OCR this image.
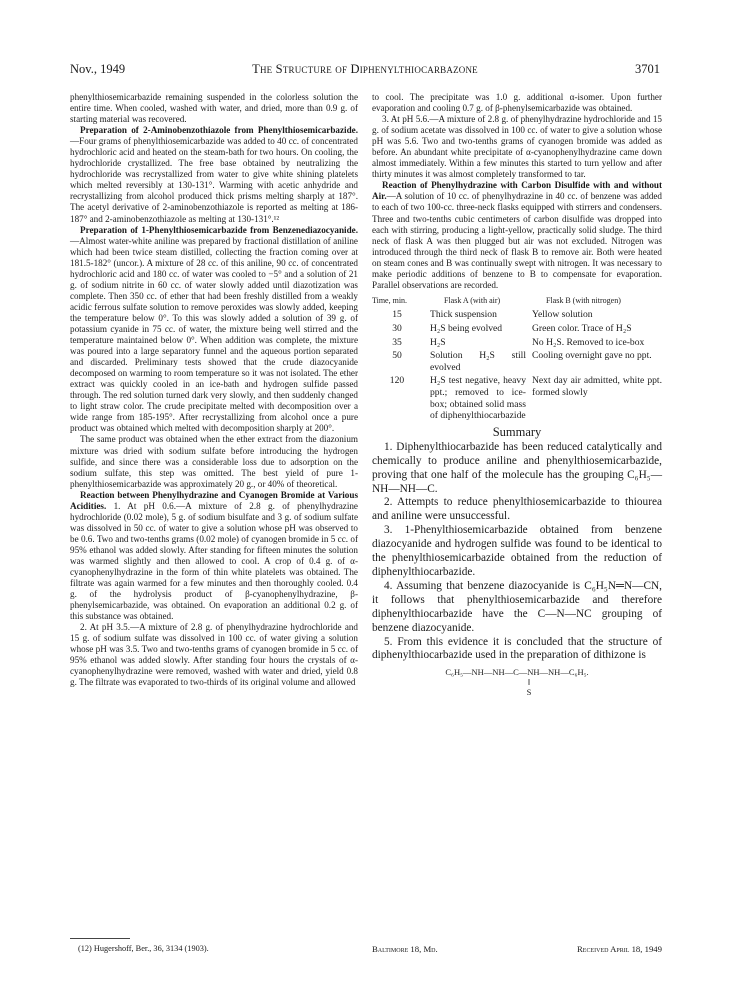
Nov., 1949	The Structure of Diphenylthiocarbazone	3701

phenylthiosemicarbazide remaining suspended in the colorless solution the entire time. When cooled, washed with water, and dried, more than 0.9 g. of starting material was recovered.

Preparation of 2-Aminobenzothiazole from Phenylthiosemicarbazide.—Four grams of phenylthiosemicarbazide was added to 40 cc. of concentrated hydrochloric acid and heated on the steam-bath for two hours. On cooling, the hydrochloride crystallized. The free base obtained by neutralizing the hydrochloride was recrystallized from water to give white shining platelets which melted reversibly at 130-131°. Warming with acetic anhydride and recrystallizing from alcohol produced thick prisms melting sharply at 187°. The acetyl derivative of 2-aminobenzothiazole is reported as melting at 186-187° and 2-aminobenzothiazole as melting at 130-131°.¹²

Preparation of 1-Phenylthiosemicarbazide from Benzenediazocyanide.—Almost water-white aniline was prepared by fractional distillation of aniline which had been twice steam distilled, collecting the fraction coming over at 181.5-182° (uncor.). A mixture of 28 cc. of this aniline, 90 cc. of concentrated hydrochloric acid and 180 cc. of water was cooled to −5° and a solution of 21 g. of sodium nitrite in 60 cc. of water slowly added until diazotization was complete. Then 350 cc. of ether that had been freshly distilled from a weakly acidic ferrous sulfate solution to remove peroxides was slowly added, keeping the temperature below 0°. To this was slowly added a solution of 39 g. of potassium cyanide in 75 cc. of water, the mixture being well stirred and the temperature maintained below 0°. When addition was complete, the mixture was poured into a large separatory funnel and the aqueous portion separated and discarded. Preliminary tests showed that the crude diazocyanide decomposed on warming to room temperature so it was not isolated. The ether extract was quickly cooled in an ice-bath and hydrogen sulfide passed through. The red solution turned dark very slowly, and then suddenly changed to light straw color. The crude precipitate melted with decomposition over a wide range from 185-195°. After recrystallizing from alcohol once a pure product was obtained which melted with decomposition sharply at 200°.

The same product was obtained when the ether extract from the diazonium mixture was dried with sodium sulfate before introducing the hydrogen sulfide, and since there was a considerable loss due to adsorption on the sodium sulfate, this step was omitted. The best yield of pure 1-phenylthiosemicarbazide was approximately 20 g., or 40% of theoretical.

Reaction between Phenylhydrazine and Cyanogen Bromide at Various Acidities. 1. At pH 0.6.—A mixture of 2.8 g. of phenylhydrazine hydrochloride (0.02 mole), 5 g. of sodium bisulfate and 3 g. of sodium sulfate was dissolved in 50 cc. of water to give a solution whose pH was observed to be 0.6. Two and two-tenths grams (0.02 mole) of cyanogen bromide in 5 cc. of 95% ethanol was added slowly. After standing for fifteen minutes the solution was warmed slightly and then allowed to cool. A crop of 0.4 g. of α-cyanophenylhydrazine in the form of thin white platelets was obtained. The filtrate was again warmed for a few minutes and then thoroughly cooled. 0.4 g. of the hydrolysis product of β-cyanophenylhydrazine, β-phenylsemicarbazide, was obtained. On evaporation an additional 0.2 g. of this substance was obtained.

2. At pH 3.5.—A mixture of 2.8 g. of phenylhydrazine hydrochloride and 15 g. of sodium sulfate was dissolved in 100 cc. of water giving a solution whose pH was 3.5. Two and two-tenths grams of cyanogen bromide in 5 cc. of 95% ethanol was added slowly. After standing four hours the crystals of α-cyanophenylhydrazine were removed, washed with water and dried, yield 0.8 g. The filtrate was evaporated to two-thirds of its original volume and allowed

to cool. The precipitate was 1.0 g. additional α-isomer. Upon further evaporation and cooling 0.7 g. of β-phenylsemicarbazide was obtained.

3. At pH 5.6.—A mixture of 2.8 g. of phenylhydrazine hydrochloride and 15 g. of sodium acetate was dissolved in 100 cc. of water to give a solution whose pH was 5.6. Two and two-tenths grams of cyanogen bromide was added as before. An abundant white precipitate of α-cyanophenylhydrazine came down almost immediately. Within a few minutes this started to turn yellow and after thirty minutes it was almost completely transformed to tar.

Reaction of Phenylhydrazine with Carbon Disulfide with and without Air.—A solution of 10 cc. of phenylhydrazine in 40 cc. of benzene was added to each of two 100-cc. three-neck flasks equipped with stirrers and condensers. Three and two-tenths cubic centimeters of carbon disulfide was dropped into each with stirring, producing a light-yellow, practically solid sludge. The third neck of flask A was then plugged but air was not excluded. Nitrogen was introduced through the third neck of flask B to remove air. Both were heated on steam cones and B was continually swept with nitrogen. It was necessary to make periodic additions of benzene to B to compensate for evaporation. Parallel observations are recorded.

Time, min.	Flask A (with air)	Flask B (with nitrogen)
15	Thick suspension	Yellow solution
30	H₂S being evolved	Green color. Trace of H₂S
35	H₂S	No H₂S. Removed to ice-box
50	Solution H₂S still evolved	Cooling overnight gave no ppt.
120	H₂S test negative, heavy ppt.; removed to ice-box; obtained solid mass of diphenylthiocarbazide	Next day air admitted, white ppt. formed slowly
Summary

1. Diphenylthiocarbazide has been reduced catalytically and chemically to produce aniline and phenylthiosemicarbazide, proving that one half of the molecule has the grouping C₆H₅—NH—NH—C.

2. Attempts to reduce phenylthiosemicarbazide to thiourea and aniline were unsuccessful.

3. 1-Phenylthiosemicarbazide obtained from benzene diazocyanide and hydrogen sulfide was found to be identical to the phenylthiosemicarbazide obtained from the reduction of diphenylthiocarbazide.

4. Assuming that benzene diazocyanide is C₆H₅N═N—CN, it follows that phenylthiosemicarbazide and therefore diphenylthiocarbazide have the C—N—NC grouping of benzene diazocyanide.

5. From this evidence it is concluded that the structure of diphenylthiocarbazide used in the preparation of dithizone is

C₆H₅—NH—NH—C—NH—NH—C₆H₅.
‖
S
(12) Hugershoff, Ber., 36, 3134 (1903).	Baltimore 18, Md.	Received April 18, 1949
